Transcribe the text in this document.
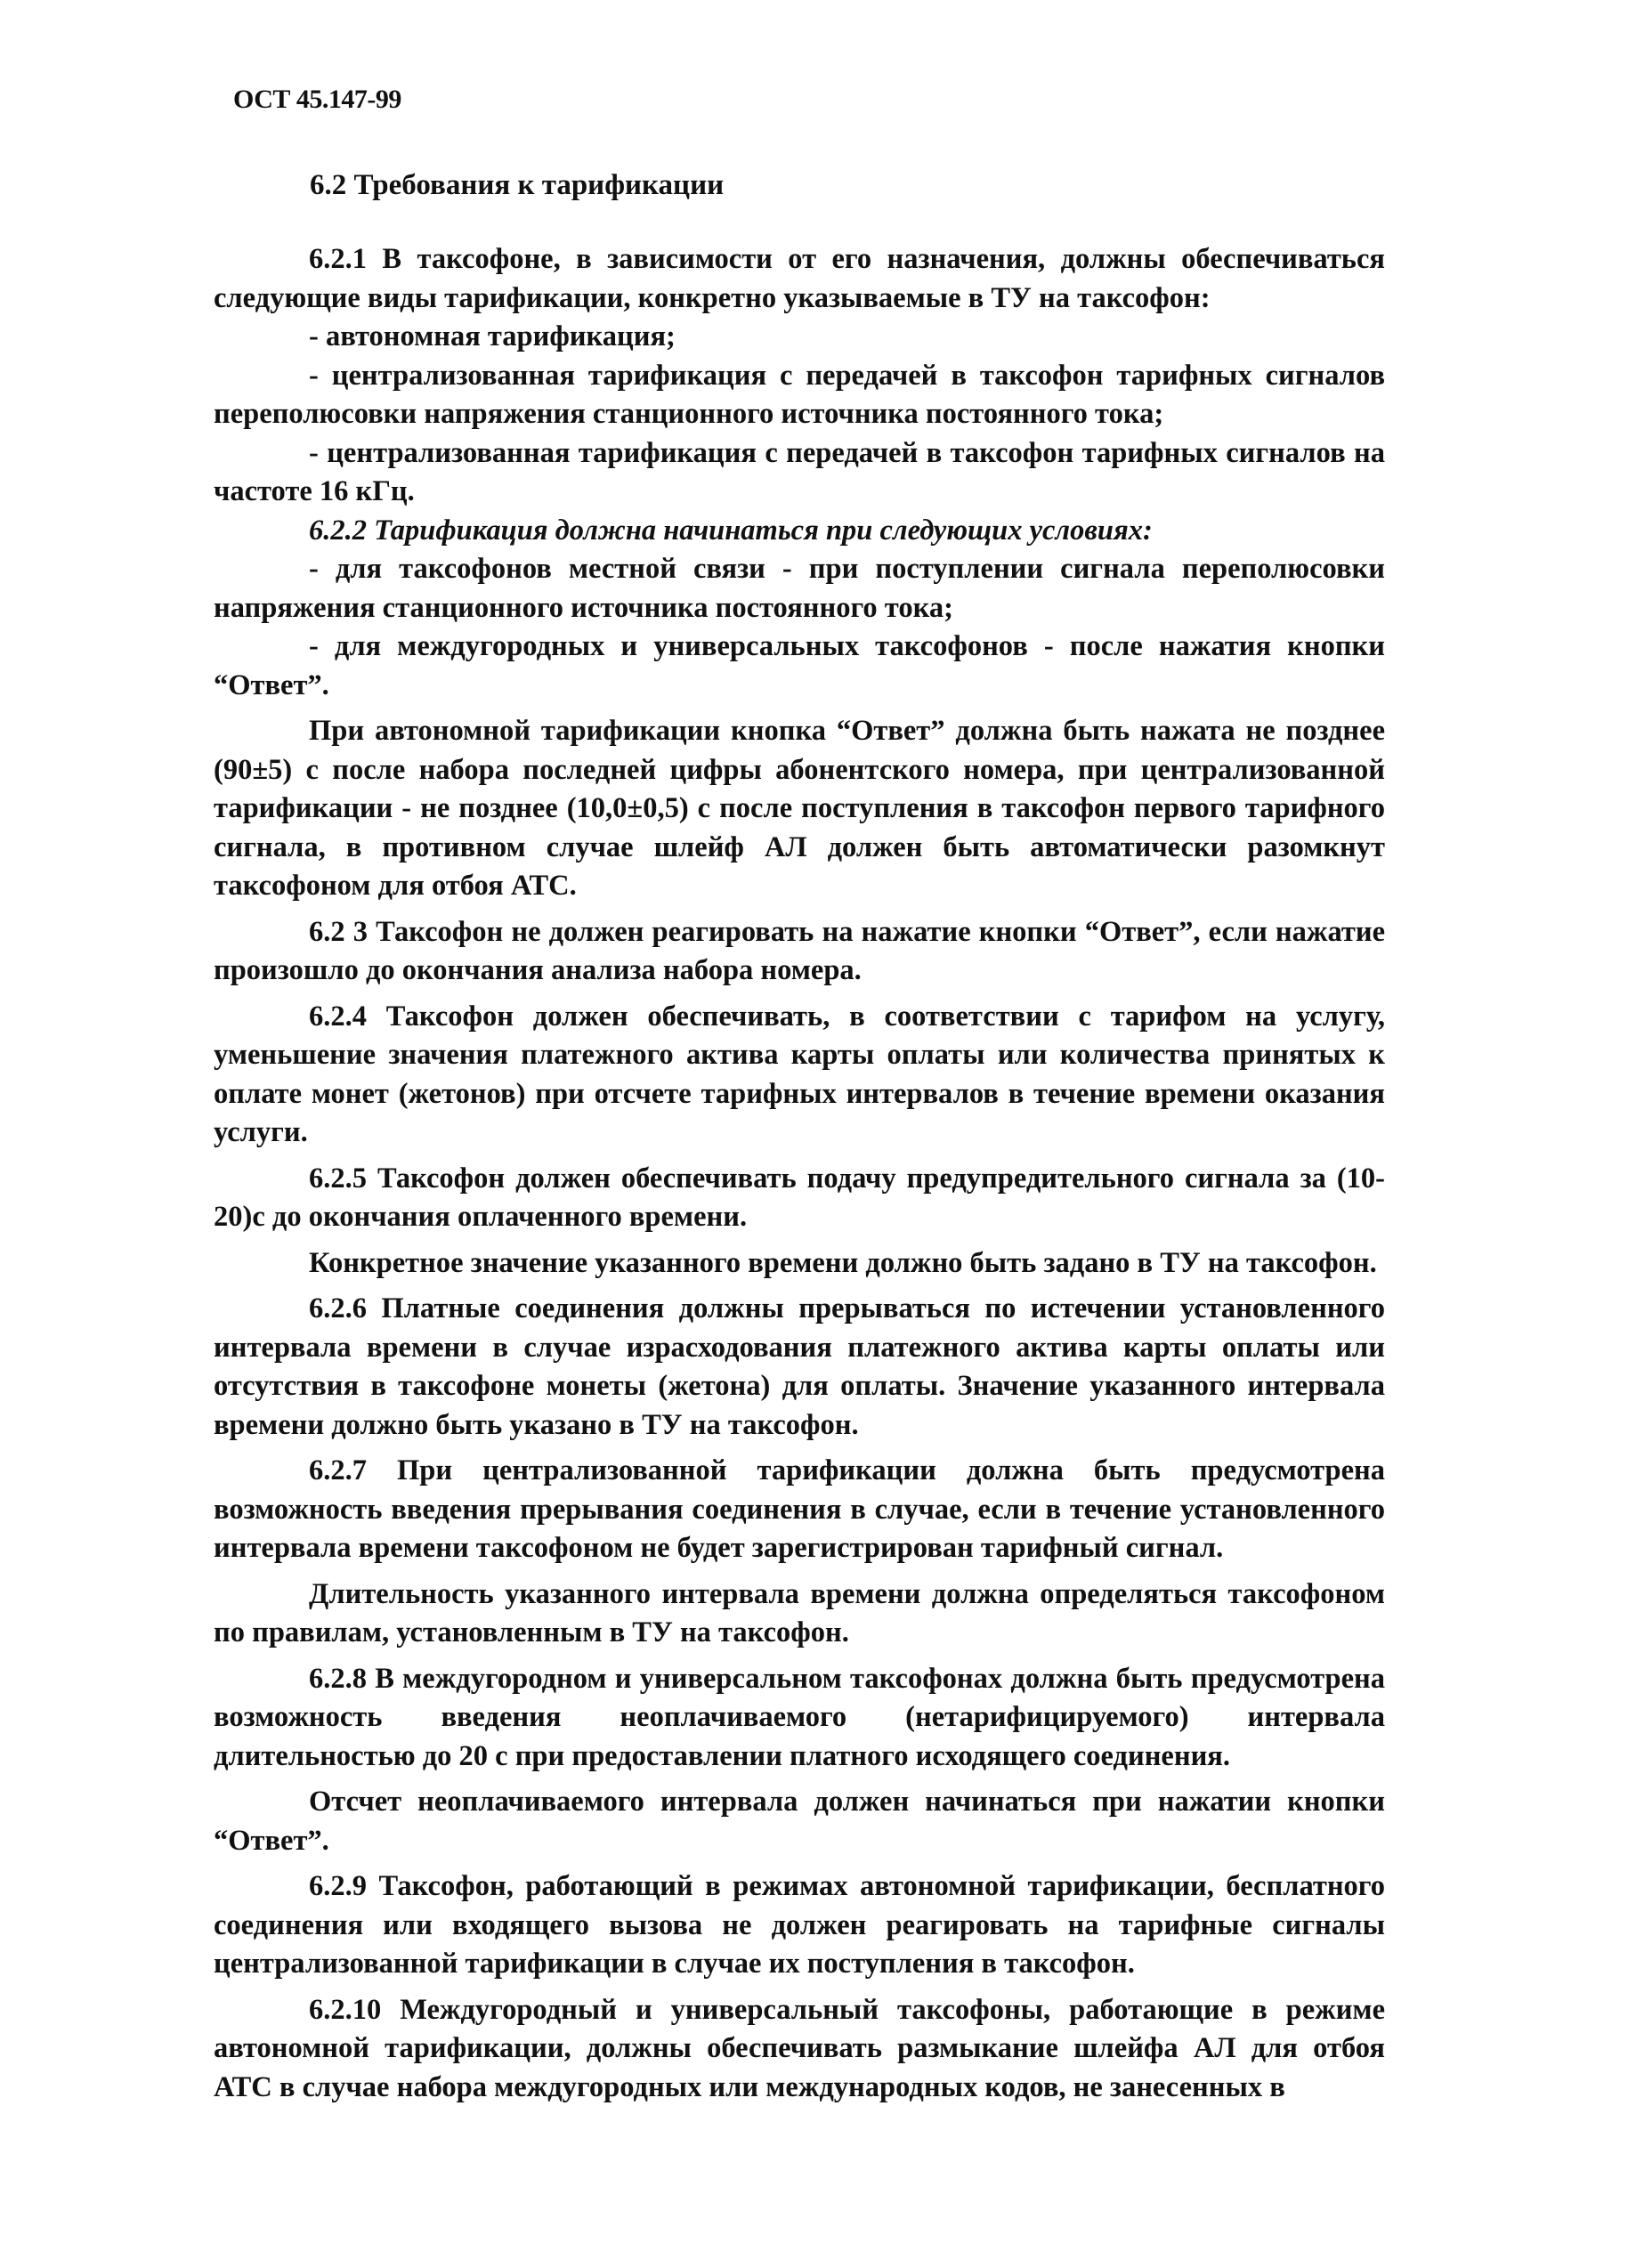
ОСТ 45.147-99
6.2 Требования к тарификации

6.2.1 В таксофоне, в зависимости от его назначения, должны обеспечиваться следующие виды тарификации, конкретно указываемые в ТУ на таксофон:

- автономная тарификация;

- централизованная тарификация с передачей в таксофон тарифных сигналов переполюсовки напряжения станционного источника постоянного тока;

- централизованная тарификация с передачей в таксофон тарифных сигналов на частоте 16 кГц.

6.2.2 Тарификация должна начинаться при следующих условиях:

- для таксофонов местной связи - при поступлении сигнала переполюсовки напряжения станционного источника постоянного тока;

- для междугородных и универсальных таксофонов - после нажатия кнопки “Ответ”.

При автономной тарификации кнопка “Ответ” должна быть нажата не позднее (90±5) с после набора последней цифры абонентского номера, при централизованной тарификации - не позднее (10,0±0,5) с после поступления в таксофон первого тарифного сигнала, в противном случае шлейф АЛ должен быть автоматически разомкнут таксофоном для отбоя АТС.

6.2 3 Таксофон не должен реагировать на нажатие кнопки “Ответ”, если нажатие произошло до окончания анализа набора номера.

6.2.4 Таксофон должен обеспечивать, в соответствии с тарифом на услугу, уменьшение значения платежного актива карты оплаты или количества принятых к оплате монет (жетонов) при отсчете тарифных интервалов в течение времени оказания услуги.

6.2.5 Таксофон должен обеспечивать подачу предупредительного сигнала за (10-20)с до окончания оплаченного времени.

Конкретное значение указанного времени должно быть задано в ТУ на таксофон.

6.2.6 Платные соединения должны прерываться по истечении установленного интервала времени в случае израсходования платежного актива карты оплаты или отсутствия в таксофоне монеты (жетона) для оплаты. Значение указанного интервала времени должно быть указано в ТУ на таксофон.

6.2.7 При централизованной тарификации должна быть предусмотрена возможность введения прерывания соединения в случае, если в течение установленного интервала времени таксофоном не будет зарегистрирован тарифный сигнал.

Длительность указанного интервала времени должна определяться таксофоном по правилам, установленным в ТУ на таксофон.

6.2.8 В междугородном и универсальном таксофонах должна быть предусмотрена возможность введения неоплачиваемого (нетарифицируемого) интервала длительностью до 20 с при предоставлении платного исходящего соединения.

Отсчет неоплачиваемого интервала должен начинаться при нажатии кнопки “Ответ”.

6.2.9 Таксофон, работающий в режимах автономной тарификации, бесплатного соединения или входящего вызова не должен реагировать на тарифные сигналы централизованной тарификации в случае их поступления в таксофон.

6.2.10 Междугородный и универсальный таксофоны, работающие в режиме автономной тарификации, должны обеспечивать размыкание шлейфа АЛ для отбоя АТС в случае набора междугородных или международных кодов, не занесенных в
